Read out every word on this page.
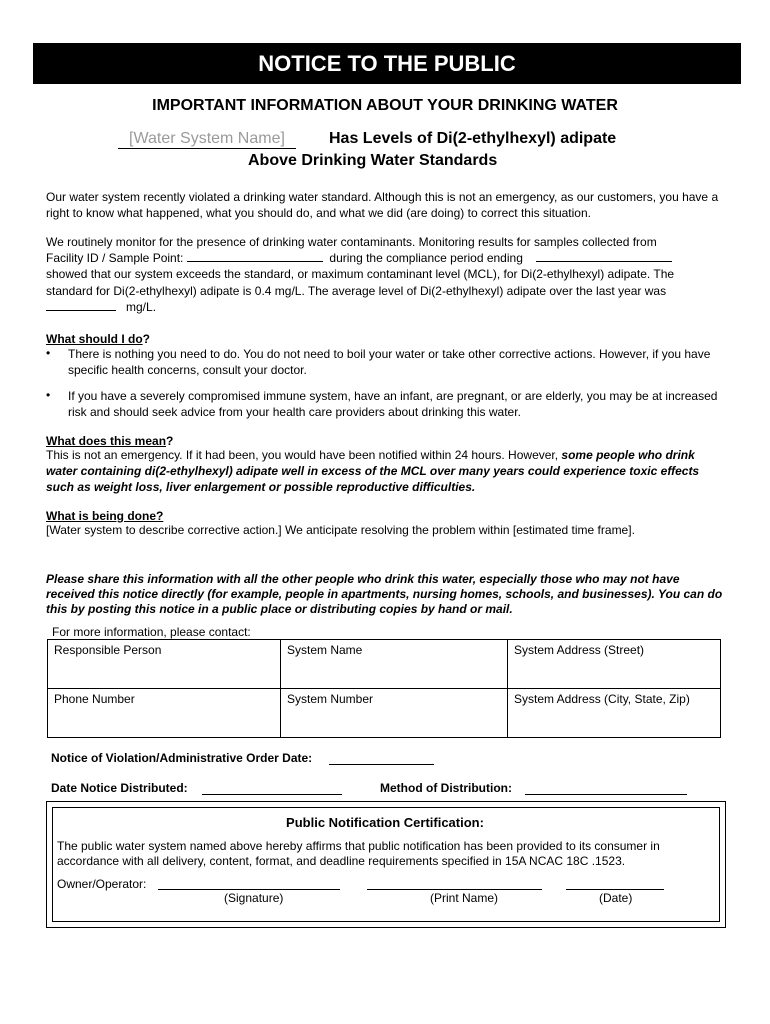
NOTICE TO THE PUBLIC
IMPORTANT INFORMATION ABOUT YOUR DRINKING WATER
[Water System Name]	Has Levels of Di(2-ethylhexyl) adipate
Above Drinking Water Standards
Our water system recently violated a drinking water standard. Although this is not an emergency, as our customers, you have a right to know what happened, what you should do, and what we did (are doing) to correct this situation.
We routinely monitor for the presence of drinking water contaminants. Monitoring results for samples collected from
Facility ID / Sample Point:	during the compliance period ending
showed that our system exceeds the standard, or maximum contaminant level (MCL), for Di(2-ethylhexyl) adipate. The
standard for Di(2-ethylhexyl) adipate is 0.4 mg/L. The average level of Di(2-ethylhexyl) adipate over the last year was
mg/L.
What should I do?
• There is nothing you need to do. You do not need to boil your water or take other corrective actions. However, if you have specific health concerns, consult your doctor.
• If you have a severely compromised immune system, have an infant, are pregnant, or are elderly, you may be at increased risk and should seek advice from your health care providers about drinking this water.
What does this mean?
This is not an emergency. If it had been, you would have been notified within 24 hours. However, some people who drink water containing di(2-ethylhexyl) adipate well in excess of the MCL over many years could experience toxic effects such as weight loss, liver enlargement or possible reproductive difficulties.
What is being done?
[Water system to describe corrective action.] We anticipate resolving the problem within [estimated time frame].
Please share this information with all the other people who drink this water, especially those who may not have received this notice directly (for example, people in apartments, nursing homes, schools, and businesses). You can do this by posting this notice in a public place or distributing copies by hand or mail.
For more information, please contact:
Responsible Person	System Name	System Address (Street)
Phone Number	System Number	System Address (City, State, Zip)
Notice of Violation/Administrative Order Date:
Date Notice Distributed:	Method of Distribution:
Public Notification Certification:
The public water system named above hereby affirms that public notification has been provided to its consumer in accordance with all delivery, content, format, and deadline requirements specified in 15A NCAC 18C .1523.
Owner/Operator:
(Signature)	(Print Name)	(Date)
